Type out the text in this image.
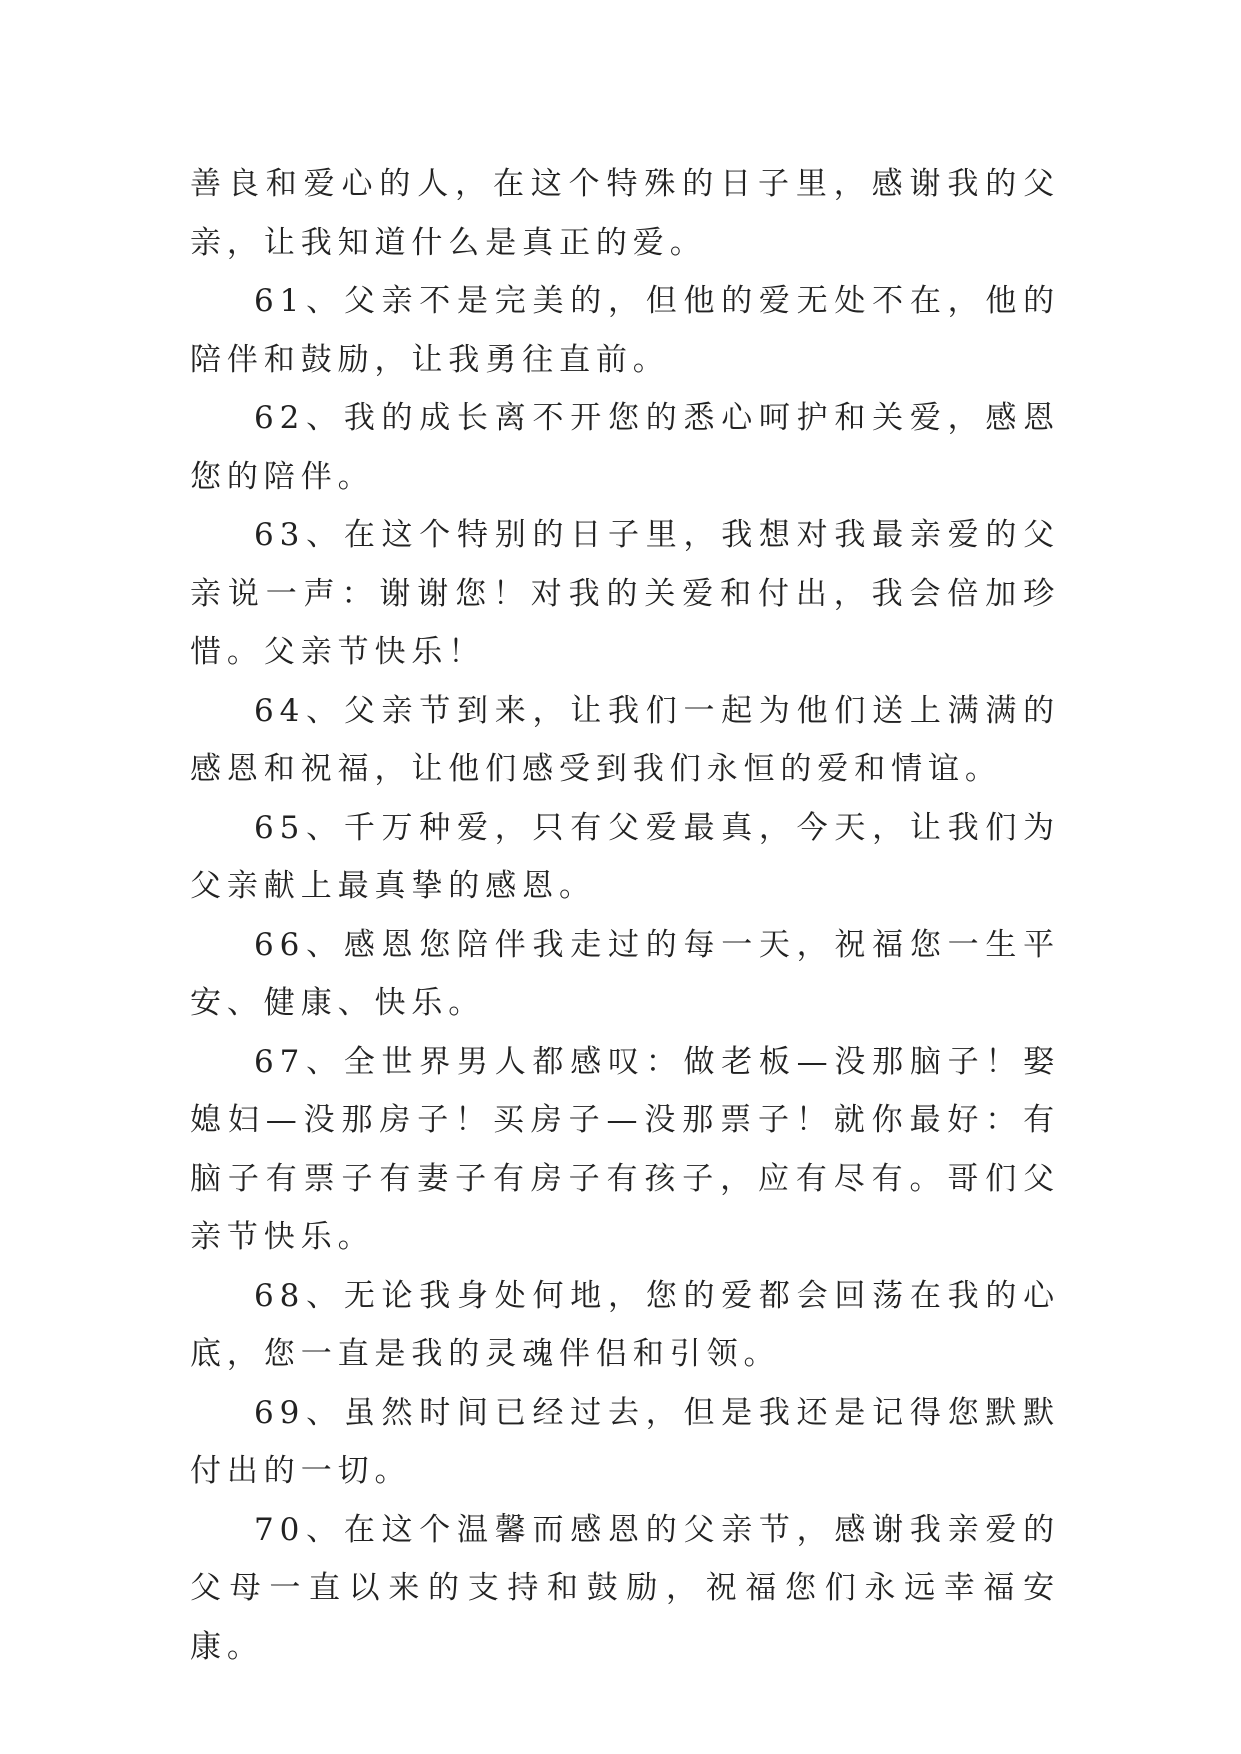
善良和爱心的人，在这个特殊的日子里，感谢我的父亲，让我知道什么是真正的爱。

61、父亲不是完美的，但他的爱无处不在，他的陪伴和鼓励，让我勇往直前。

62、我的成长离不开您的悉心呵护和关爱，感恩您的陪伴。

63、在这个特别的日子里，我想对我最亲爱的父亲说一声：谢谢您！对我的关爱和付出，我会倍加珍惜。父亲节快乐！

64、父亲节到来，让我们一起为他们送上满满的感恩和祝福，让他们感受到我们永恒的爱和情谊。

65、千万种爱，只有父爱最真，今天，让我们为父亲献上最真挚的感恩。

66、感恩您陪伴我走过的每一天，祝福您一生平安、健康、快乐。

67、全世界男人都感叹：做老板—没那脑子！娶媳妇—没那房子！买房子—没那票子！就你最好：有脑子有票子有妻子有房子有孩子，应有尽有。哥们父亲节快乐。

68、无论我身处何地，您的爱都会回荡在我的心底，您一直是我的灵魂伴侣和引领。

69、虽然时间已经过去，但是我还是记得您默默付出的一切。

70、在这个温馨而感恩的父亲节，感谢我亲爱的父母一直以来的支持和鼓励，祝福您们永远幸福安康。
